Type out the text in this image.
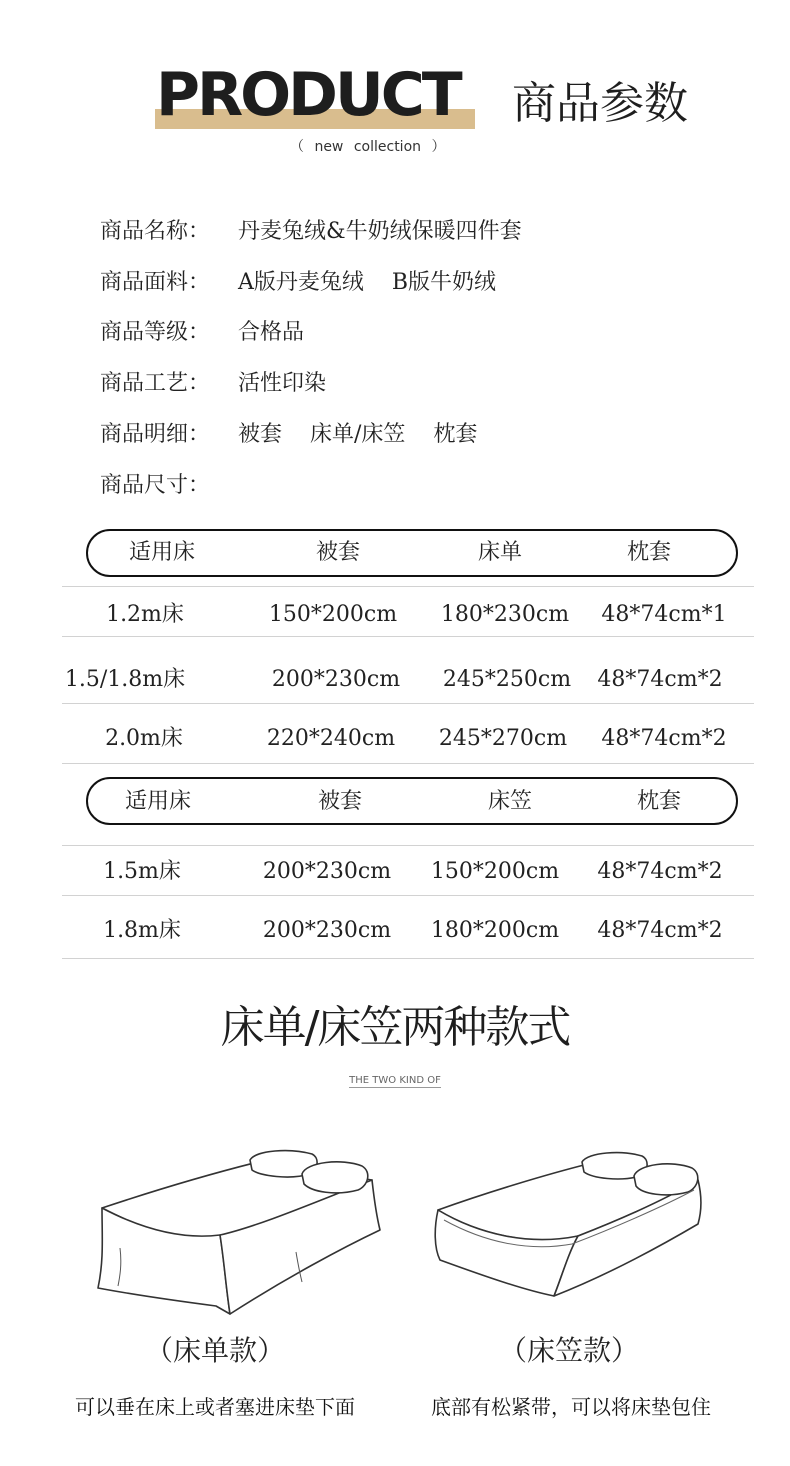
PRODUCT 商品参数
（ new collection ）
商品名称：	丹麦兔绒&牛奶绒保暖四件套
商品面料：	A版丹麦兔绒    B版牛奶绒
商品等级：	合格品
商品工艺：	活性印染
商品明细：	被套    床单/床笠    枕套
商品尺寸：
适用床	被套	床单	枕套
1.2m床	150*200cm 180*230cm 48*74cm*1
1.5/1.8m床	200*230cm 245*250cm 48*74cm*2
2.0m床	220*240cm 245*270cm 48*74cm*2
适用床	被套	床笠	枕套
1.5m床	200*230cm 150*200cm 48*74cm*2
1.8m床	200*230cm 180*200cm 48*74cm*2
床单/床笠两种款式
THE TWO KIND OF
（床单款）	（床笠款）
可以垂在床上或者塞进床垫下面	底部有松紧带，可以将床垫包住
